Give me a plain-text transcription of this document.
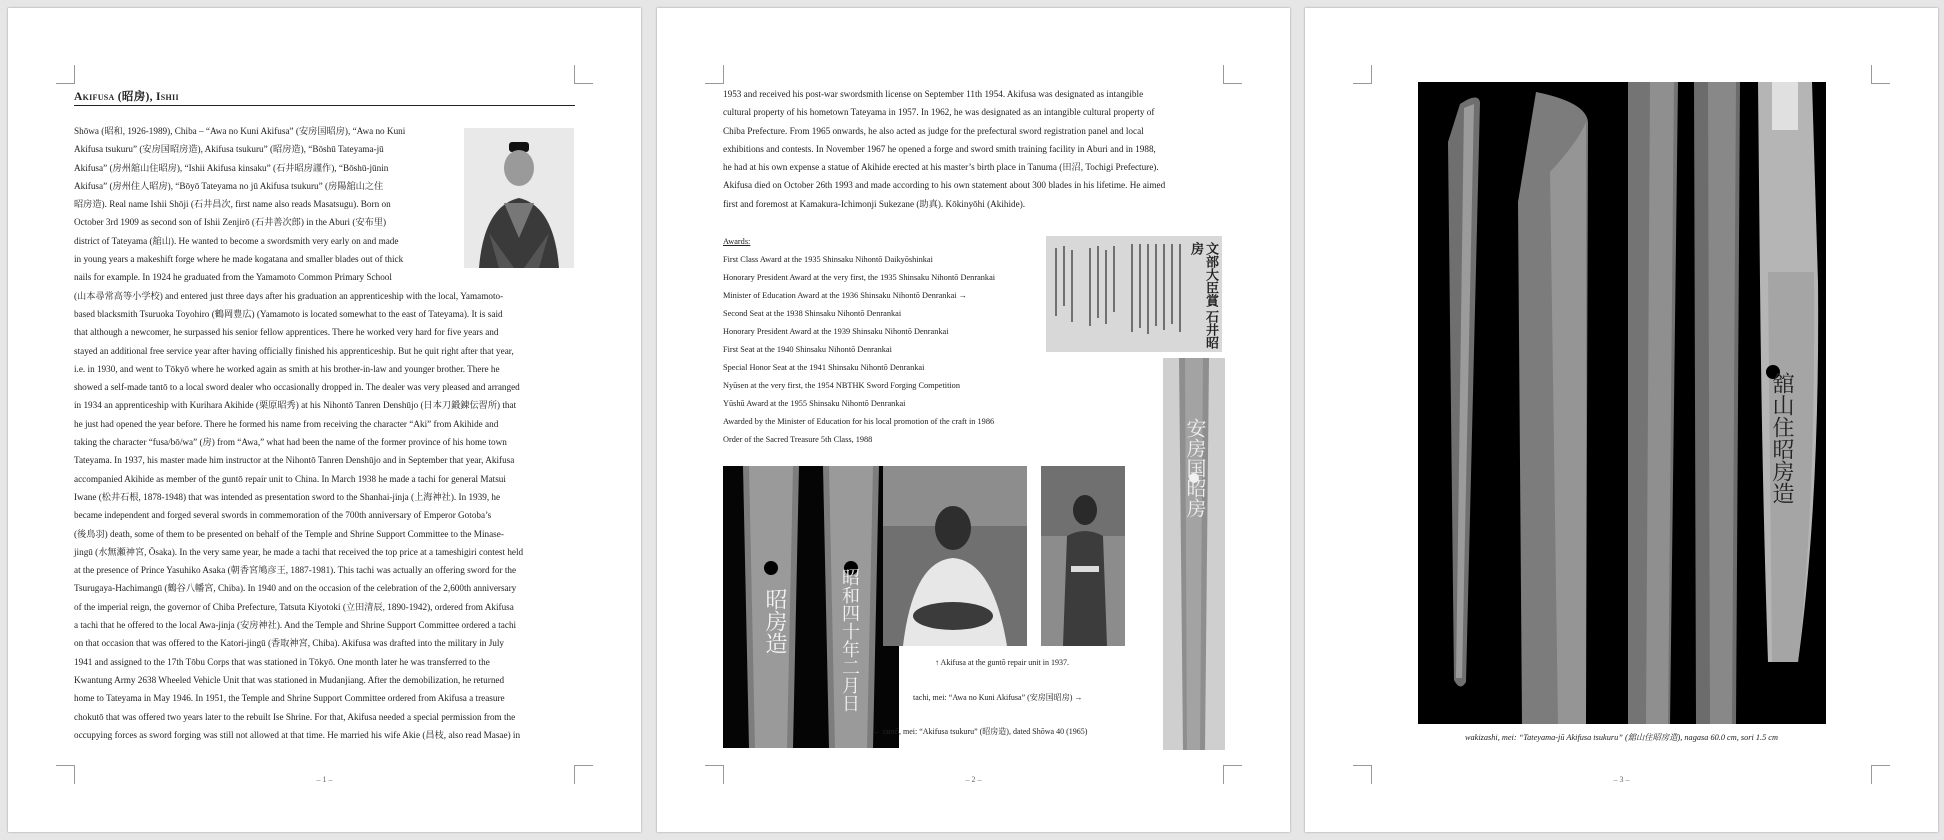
Akifusa (昭房), Ishii
Shōwa (昭和, 1926-1989), Chiba – “Awa no Kuni Akifusa” (安房国昭房), “Awa no Kuni
Akifusa tsukuru” (安房国昭房造), Akifusa tsukuru” (昭房造), “Bōshū Tateyama-jū
Akifusa” (房州舘山住昭房), “Ishii Akifusa kinsaku” (石井昭房謹作), “Bōshū-jūnin
Akifusa” (房州住人昭房), “Bōyō Tateyama no jū Akifusa tsukuru” (房陽舘山之住
昭房造). Real name Ishii Shōji (石井昌次, first name also reads Masatsugu). Born on
October 3rd 1909 as second son of Ishii Zenjirō (石井善次郎) in the Aburi (安布里)
district of Tateyama (舘山). He wanted to become a swordsmith very early on and made
in young years a makeshift forge where he made kogatana and smaller blades out of thick
nails for example. In 1924 he graduated from the Yamamoto Common Primary School
(山本尋常高等小学校) and entered just three days after his graduation an apprenticeship with the local, Yamamoto-
based blacksmith Tsuruoka Toyohiro (鶴岡豊広) (Yamamoto is located somewhat to the east of Tateyama). It is said
that although a newcomer, he surpassed his senior fellow apprentices. There he worked very hard for five years and
stayed an additional free service year after having officially finished his apprenticeship. But he quit right after that year,
i.e. in 1930, and went to Tōkyō where he worked again as smith at his brother-in-law and younger brother. There he
showed a self-made tantō to a local sword dealer who occasionally dropped in. The dealer was very pleased and arranged
in 1934 an apprenticeship with Kurihara Akihide (栗原昭秀) at his Nihontō Tanren Denshūjo (日本刀鍛錬伝習所) that
he just had opened the year before. There he formed his name from receiving the character “Aki” from Akihide and
taking the character “fusa/bō/wa” (房) from “Awa,” what had been the name of the former province of his home town
Tateyama. In 1937, his master made him instructor at the Nihontō Tanren Denshūjo and in September that year, Akifusa
accompanied Akihide as member of the guntō repair unit to China. In March 1938 he made a tachi for general Matsui
Iwane (松井石根, 1878-1948) that was intended as presentation sword to the Shanhai-jinja (上海神社). In 1939, he
became independent and forged several swords in commemoration of the 700th anniversary of Emperor Gotoba’s
(後鳥羽) death, some of them to be presented on behalf of the Temple and Shrine Support Committee to the Minase-
jingū (水無瀬神宮, Ōsaka). In the very same year, he made a tachi that received the top price at a tameshigiri contest held
at the presence of Prince Yasuhiko Asaka (朝香宮鳩彦王, 1887-1981). This tachi was actually an offering sword for the
Tsurugaya-Hachimangū (鶴谷八幡宮, Chiba). In 1940 and on the occasion of the celebration of the 2,600th anniversary
of the imperial reign, the governor of Chiba Prefecture, Tatsuta Kiyotoki (立田清辰, 1890-1942), ordered from Akifusa
a tachi that he offered to the local Awa-jinja (安房神社). And the Temple and Shrine Support Committee ordered a tachi
on that occasion that was offered to the Katori-jingū (香取神宮, Chiba). Akifusa was drafted into the military in July
1941 and assigned to the 17th Tōbu Corps that was stationed in Tōkyō. One month later he was transferred to the
Kwantung Army 2638 Wheeled Vehicle Unit that was stationed in Mudanjiang. After the demobilization, he returned
home to Tateyama in May 1946. In 1951, the Temple and Shrine Support Committee ordered from Akifusa a treasure
chokutō that was offered two years later to the rebuilt Ise Shrine. For that, Akifusa needed a special permission from the
occupying forces as sword forging was still not allowed at that time. He married his wife Akie (昌枝, also read Masae) in
– 1 –
1953 and received his post-war swordsmith license on September 11th 1954. Akifusa was designated as intangible
cultural property of his hometown Tateyama in 1957. In 1962, he was designated as an intangible cultural property of
Chiba Prefecture. From 1965 onwards, he also acted as judge for the prefectural sword registration panel and local
exhibitions and contests. In November 1967 he opened a forge and sword smith training facility in Aburi and in 1988,
he had at his own expense a statue of Akihide erected at his master’s birth place in Tanuma (田沼, Tochigi Prefecture).
Akifusa died on October 26th 1993 and made according to his own statement about 300 blades in his lifetime. He aimed
first and foremost at Kamakura-Ichimonji Sukezane (助真). Kōkinyōhi (Akihide).
Awards:
First Class Award at the 1935 Shinsaku Nihontō Daikyōshinkai
Honorary President Award at the very first, the 1935 Shinsaku Nihontō Denrankai
Minister of Education Award at the 1936 Shinsaku Nihontō Denrankai →
Second Seat at the 1938 Shinsaku Nihontō Denrankai
Honorary President Award at the 1939 Shinsaku Nihontō Denrankai
First Seat at the 1940 Shinsaku Nihontō Denrankai
Special Honor Seat at the 1941 Shinsaku Nihontō Denrankai
Nyūsen at the very first, the 1954 NBTHK Sword Forging Competition
Yūshū Award at the 1955 Shinsaku Nihontō Denrankai
Awarded by the Minister of Education for his local promotion of the craft in 1986
Order of the Sacred Treasure 5th Class, 1988
文部大臣賞 石井昭房
安房国昭房
昭房造	昭和四十年二月日	↑ Akifusa at the guntō repair unit in 1937.
tachi, mei: “Awa no Kuni Akifusa” (安房国昭房) →
← tantō, mei: “Akifusa tsukuru” (昭房造), dated Shōwa 40 (1965)
– 2 –
舘山住昭房造
wakizashi, mei: “Tateyama-jū Akifusa tsukuru” (舘山住昭房造), nagasa 60.0 cm, sori 1.5 cm
– 3 –
